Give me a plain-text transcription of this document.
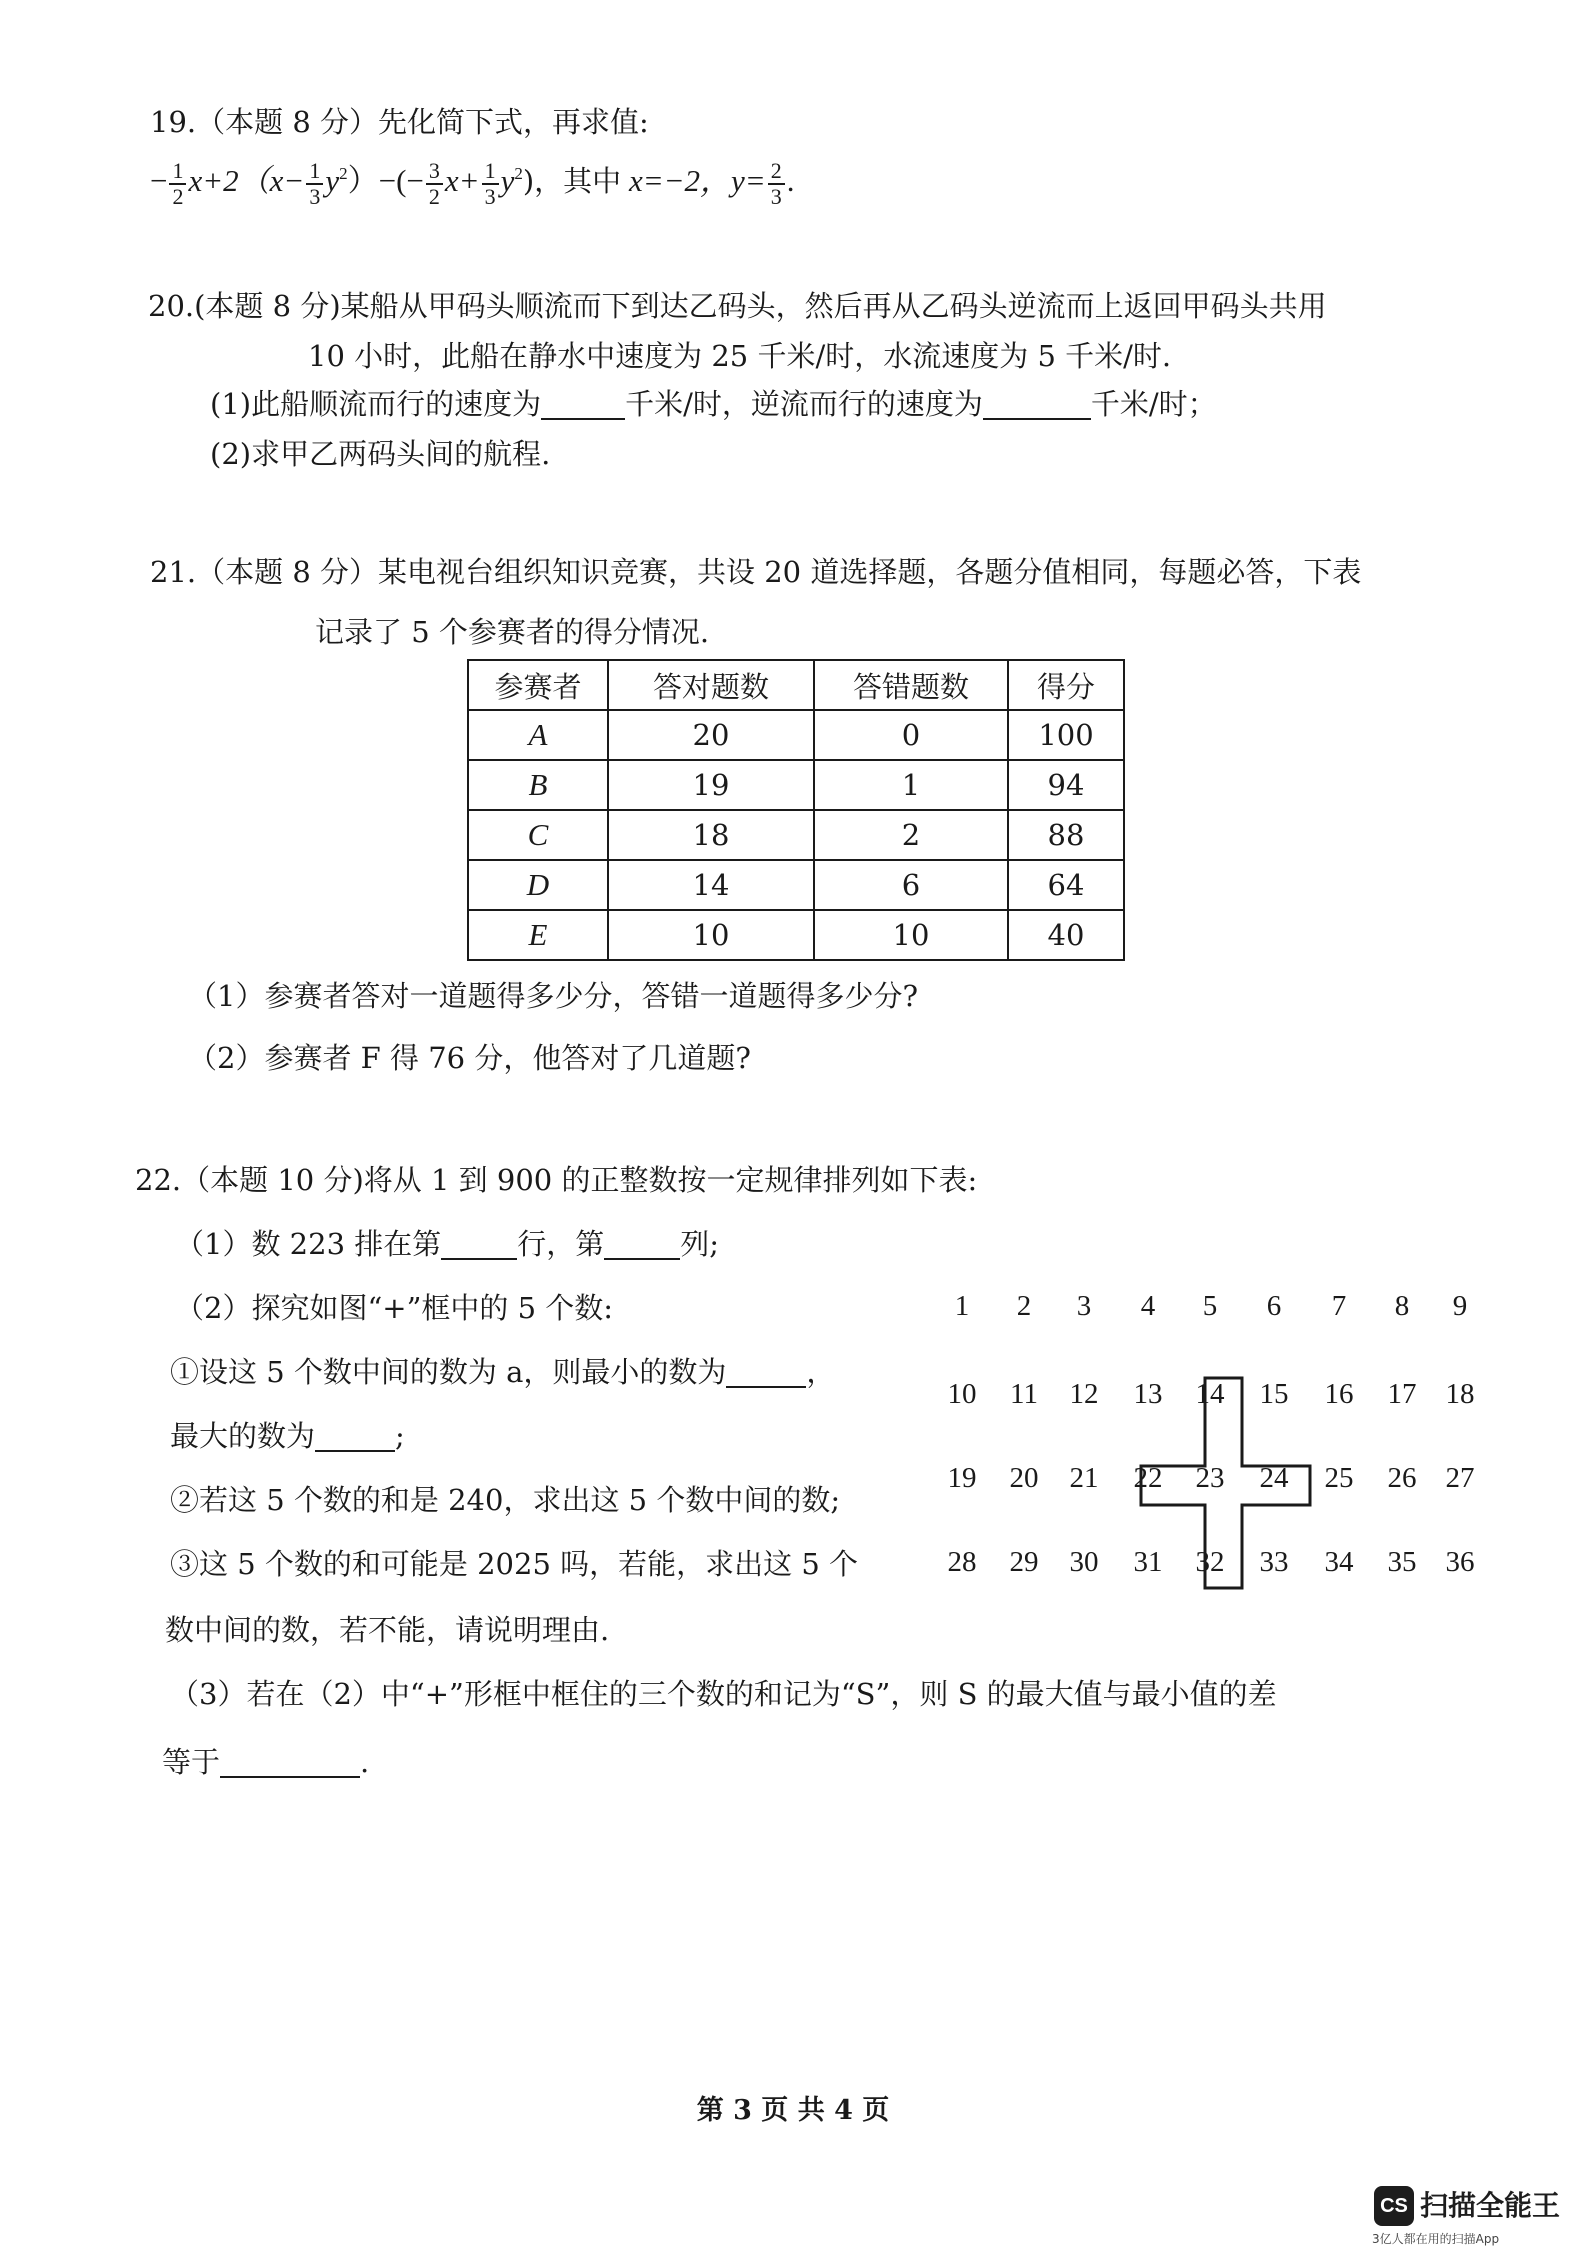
19.（本题 8 分）先化简下式，再求值:
− $\frac{1}{2} x+2(x- \frac{1}{3} y^2)-(- \frac{3}{2} x+ \frac{1}{3} y^2)$，其中 x=−2，$y= \frac{2}{3}$ .
20.(本题 8 分)某船从甲码头顺流而下到达乙码头，然后再从乙码头逆流而上返回甲码头共用
10 小时，此船在静水中速度为 25 千米/时，水流速度为 5 千米/时.
(1)此船顺流而行的速度为	千米/时，逆流而行的速度为	千米/时；
(2)求甲乙两码头间的航程.
21.（本题 8 分）某电视台组织知识竞赛，共设 20 道选择题，各题分值相同，每题必答，下表
记录了 5 个参赛者的得分情况.
参赛者	答对题数	答错题数	得分
A	20	0	100
B	19	1	94
C	18	2	88
D	14	6	64
E	10	10	40
（1）参赛者答对一道题得多少分，答错一道题得多少分?
（2）参赛者 F 得 76 分，他答对了几道题?
22.（本题 10 分)将从 1 到 900 的正整数按一定规律排列如下表:
（1）数 223 排在第	行，第	列;
（2）探究如图“+”框中的 5 个数:
①设这 5 个数中间的数为 a，则最小的数为	，
最大的数为	;
②若这 5 个数的和是 240，求出这 5 个数中间的数;
③这 5 个数的和可能是 2025 吗，若能，求出这 5 个
数中间的数，若不能，请说明理由.
（3）若在（2）中“+”形框中框住的三个数的和记为“S”，则 S 的最大值与最小值的差
等于	.
1	2	3	4	5	6	7	8	9
10	11	12	13	14	15	16	17	18
19	20	21	22	23	24	25	26	27
28	29	30	31	32	33	34	35	36
第 3 页 共 4 页
CS 扫描全能王
3亿人都在用的扫描App
